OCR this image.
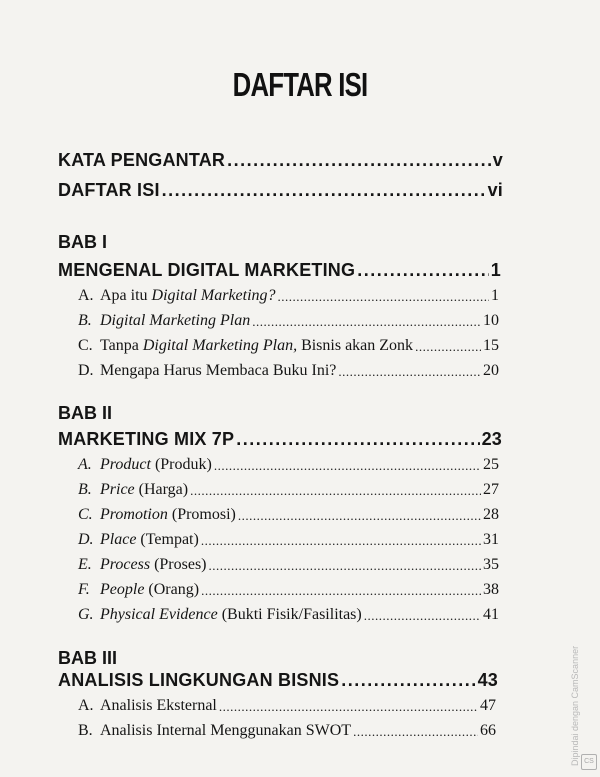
DAFTAR ISI
KATA PENGANTAR .....	v
DAFTAR ISI .....	vi
BAB I
MENGENAL DIGITAL MARKETING .....	1
A. Apa itu Digital Marketing? .....	1
B. Digital Marketing Plan .....	10
C. Tanpa Digital Marketing Plan, Bisnis akan Zonk .....	15
D. Mengapa Harus Membaca Buku Ini? .....	20
BAB II
MARKETING MIX 7P .....	23
A. Product (Produk) .....	25
B. Price (Harga) .....	27
C. Promotion (Promosi) .....	28
D. Place (Tempat) .....	31
E. Process (Proses) .....	35
F. People (Orang) .....	38
G. Physical Evidence (Bukti Fisik/Fasilitas) .....	41
BAB III
ANALISIS LINGKUNGAN BISNIS .....	43
A. Analisis Eksternal .....	47
B. Analisis Internal Menggunakan SWOT .....	66	Dipindai dengan CamScanner CS
